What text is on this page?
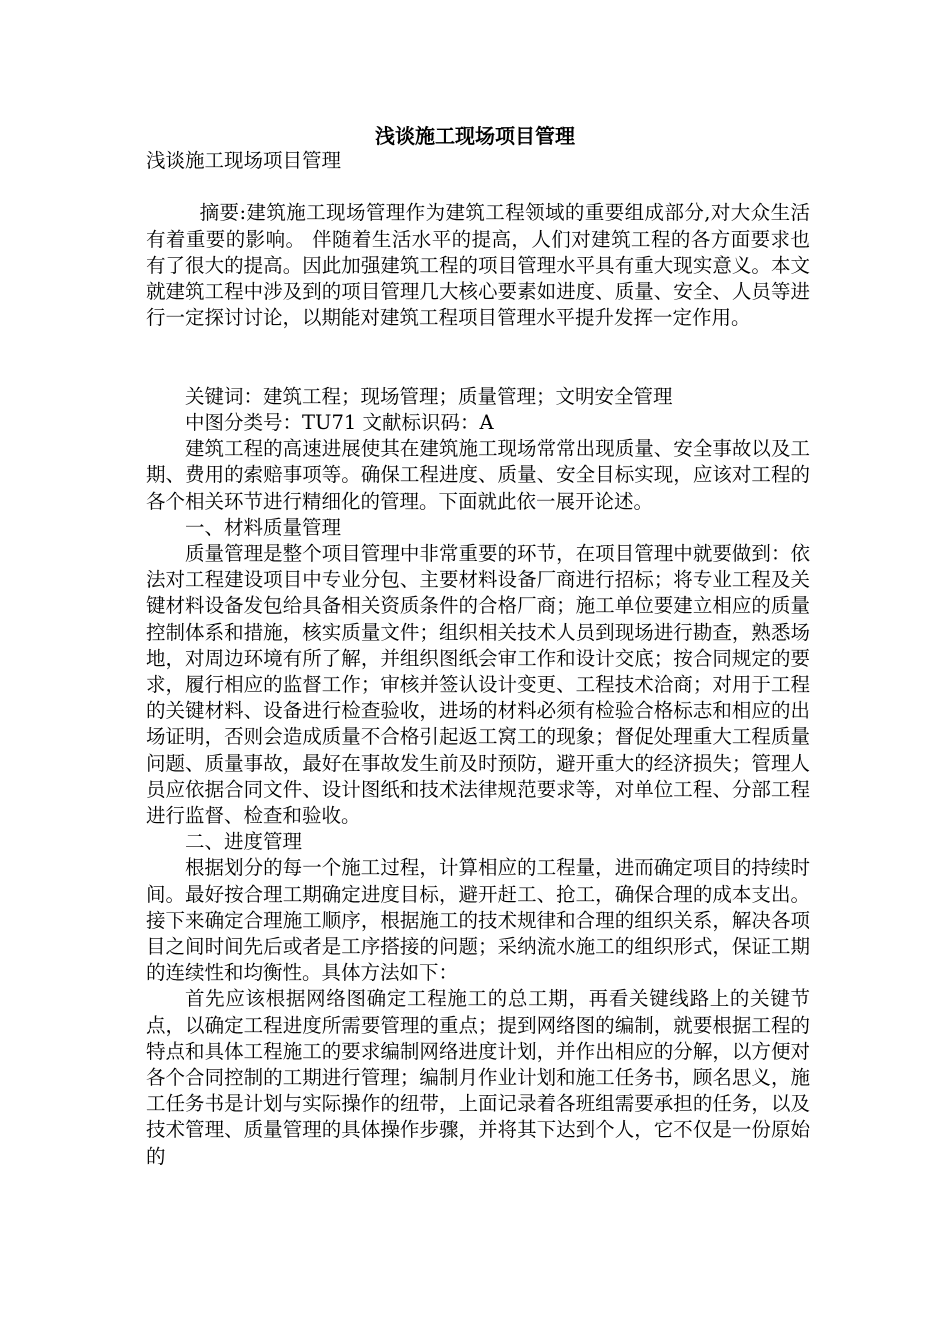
浅谈施工现场项目管理

浅谈施工现场项目管理

摘要:建筑施工现场管理作为建筑工程领域的重要组成部分,对大众生活有着重要的影响。 伴随着生活水平的提高，人们对建筑工程的各方面要求也有了很大的提高。因此加强建筑工程的项目管理水平具有重大现实意义。本文就建筑工程中涉及到的项目管理几大核心要素如进度、质量、安全、人员等进行一定探讨讨论，以期能对建筑工程项目管理水平提升发挥一定作用。

关键词：建筑工程；现场管理；质量管理；文明安全管理

中图分类号：TU71 文献标识码：A

建筑工程的高速进展使其在建筑施工现场常常出现质量、安全事故以及工期、费用的索赔事项等。确保工程进度、质量、安全目标实现，应该对工程的各个相关环节进行精细化的管理。下面就此依一展开论述。

一、材料质量管理

质量管理是整个项目管理中非常重要的环节，在项目管理中就要做到：依法对工程建设项目中专业分包、主要材料设备厂商进行招标；将专业工程及关键材料设备发包给具备相关资质条件的合格厂商；施工单位要建立相应的质量控制体系和措施，核实质量文件；组织相关技术人员到现场进行勘查，熟悉场地，对周边环境有所了解，并组织图纸会审工作和设计交底；按合同规定的要求，履行相应的监督工作；审核并签认设计变更、工程技术洽商；对用于工程的关键材料、设备进行检查验收，进场的材料必须有检验合格标志和相应的出场证明，否则会造成质量不合格引起返工窝工的现象；督促处理重大工程质量问题、质量事故，最好在事故发生前及时预防，避开重大的经济损失；管理人员应依据合同文件、设计图纸和技术法律规范要求等，对单位工程、分部工程进行监督、检查和验收。

二、进度管理

根据划分的每一个施工过程，计算相应的工程量，进而确定项目的持续时间。最好按合理工期确定进度目标，避开赶工、抢工，确保合理的成本支出。接下来确定合理施工顺序，根据施工的技术规律和合理的组织关系，解决各项目之间时间先后或者是工序搭接的问题；采纳流水施工的组织形式，保证工期的连续性和均衡性。具体方法如下：

首先应该根据网络图确定工程施工的总工期，再看关键线路上的关键节点，以确定工程进度所需要管理的重点；提到网络图的编制，就要根据工程的特点和具体工程施工的要求编制网络进度计划，并作出相应的分解，以方便对各个合同控制的工期进行管理；编制月作业计划和施工任务书，顾名思义，施工任务书是计划与实际操作的纽带，上面记录着各班组需要承担的任务，以及技术管理、质量管理的具体操作步骤，并将其下达到个人，它不仅是一份原始的
